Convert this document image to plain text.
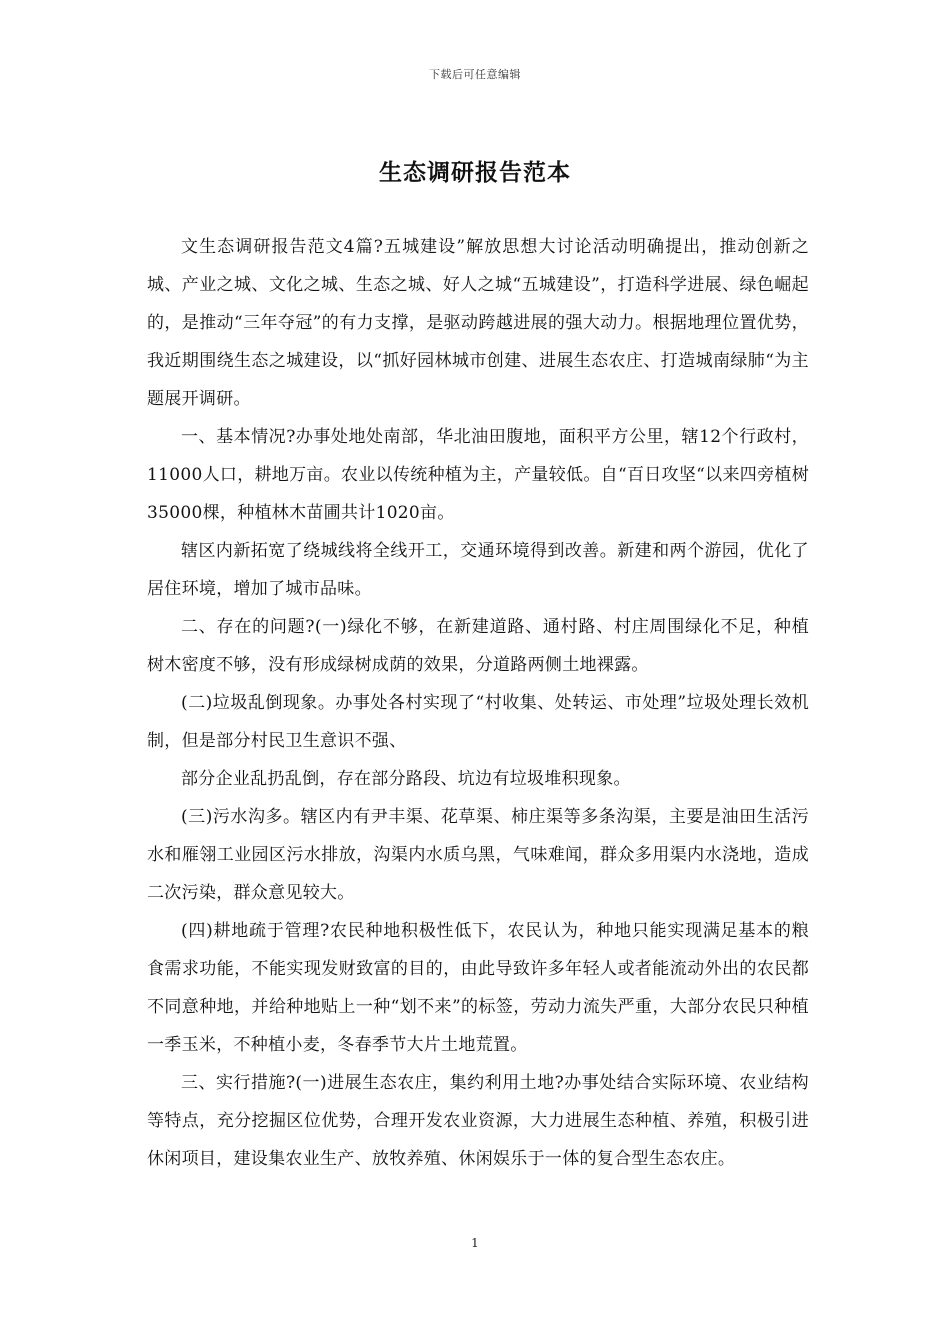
下载后可任意编辑
生态调研报告范本

文生态调研报告范文4篇?五城建设”解放思想大讨论活动明确提出，推动创新之城、产业之城、文化之城、生态之城、好人之城“五城建设”，打造科学进展、绿色崛起的，是推动“三年夺冠”的有力支撑，是驱动跨越进展的强大动力。根据地理位置优势，我近期围绕生态之城建设，以“抓好园林城市创建、进展生态农庄、打造城南绿肺“为主题展开调研。

一、基本情况?办事处地处南部，华北油田腹地，面积平方公里，辖12个行政村，11000人口，耕地万亩。农业以传统种植为主，产量较低。自“百日攻坚“以来四旁植树35000棵，种植林木苗圃共计1020亩。

辖区内新拓宽了绕城线将全线开工，交通环境得到改善。新建和两个游园，优化了居住环境，增加了城市品味。

二、存在的问题?(一)绿化不够，在新建道路、通村路、村庄周围绿化不足，种植树木密度不够，没有形成绿树成荫的效果，分道路两侧土地裸露。

(二)垃圾乱倒现象。办事处各村实现了“村收集、处转运、市处理”垃圾处理长效机制，但是部分村民卫生意识不强、

部分企业乱扔乱倒，存在部分路段、坑边有垃圾堆积现象。

(三)污水沟多。辖区内有尹丰渠、花草渠、柿庄渠等多条沟渠，主要是油田生活污水和雁翎工业园区污水排放，沟渠内水质乌黑，气味难闻，群众多用渠内水浇地，造成二次污染，群众意见较大。

(四)耕地疏于管理?农民种地积极性低下，农民认为，种地只能实现满足基本的粮食需求功能，不能实现发财致富的目的，由此导致许多年轻人或者能流动外出的农民都不同意种地，并给种地贴上一种“划不来”的标签，劳动力流失严重，大部分农民只种植一季玉米，不种植小麦，冬春季节大片土地荒置。

三、实行措施?(一)进展生态农庄，集约利用土地?办事处结合实际环境、农业结构等特点，充分挖掘区位优势，合理开发农业资源，大力进展生态种植、养殖，积极引进休闲项目，建设集农业生产、放牧养殖、休闲娱乐于一体的复合型生态农庄。

1
